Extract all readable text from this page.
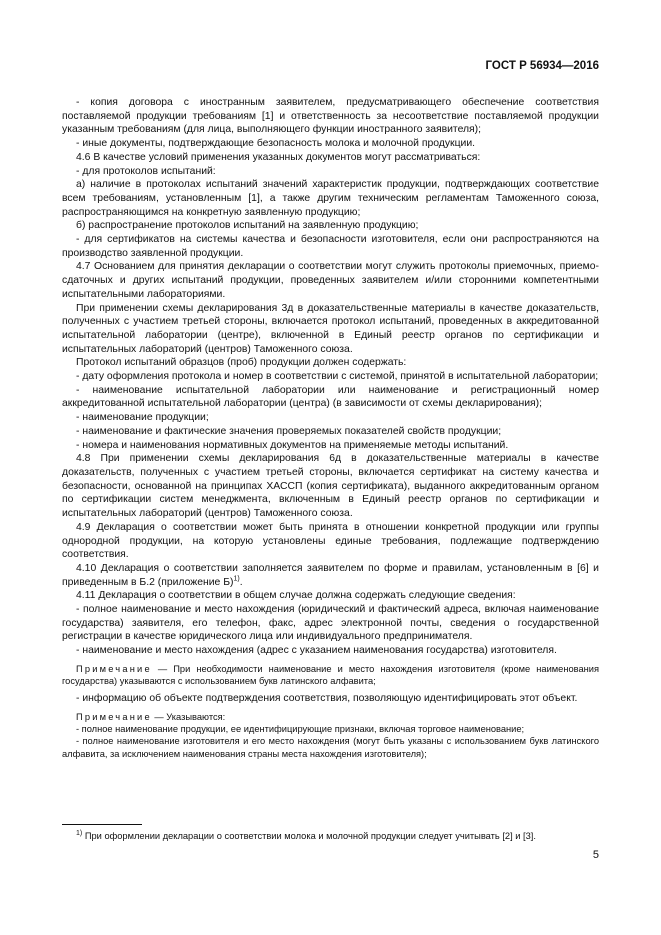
ГОСТ Р 56934—2016

- копия договора с иностранным заявителем, предусматривающего обеспечение соответствия поставляемой продукции требованиям [1] и ответственность за несоответствие поставляемой продукции указанным требованиям (для лица, выполняющего функции иностранного заявителя);

- иные документы, подтверждающие безопасность молока и молочной продукции.

4.6 В качестве условий применения указанных документов могут рассматриваться:

- для протоколов испытаний:

а) наличие в протоколах испытаний значений характеристик продукции, подтверждающих соответствие всем требованиям, установленным [1], а также другим техническим регламентам Таможенного союза, распространяющимся на конкретную заявленную продукцию;

б) распространение протоколов испытаний на заявленную продукцию;

- для сертификатов на системы качества и безопасности изготовителя, если они распространяются на производство заявленной продукции.

4.7 Основанием для принятия декларации о соответствии могут служить протоколы приемочных, приемо-сдаточных и других испытаний продукции, проведенных заявителем и/или сторонними компетентными испытательными лабораториями.

При применении схемы декларирования 3д в доказательственные материалы в качестве доказательств, полученных с участием третьей стороны, включается протокол испытаний, проведенных в аккредитованной испытательной лаборатории (центре), включенной в Единый реестр органов по сертификации и испытательных лабораторий (центров) Таможенного союза.

Протокол испытаний образцов (проб) продукции должен содержать:

- дату оформления протокола и номер в соответствии с системой, принятой в испытательной лаборатории;

- наименование испытательной лаборатории или наименование и регистрационный номер аккредитованной испытательной лаборатории (центра) (в зависимости от схемы декларирования);

- наименование продукции;

- наименование и фактические значения проверяемых показателей свойств продукции;

- номера и наименования нормативных документов на применяемые методы испытаний.

4.8 При применении схемы декларирования 6д в доказательственные материалы в качестве доказательств, полученных с участием третьей стороны, включается сертификат на систему качества и безопасности, основанной на принципах ХАССП (копия сертификата), выданного аккредитованным органом по сертификации систем менеджмента, включенным в Единый реестр органов по сертификации и испытательных лабораторий (центров) Таможенного союза.

4.9 Декларация о соответствии может быть принята в отношении конкретной продукции или группы однородной продукции, на которую установлены единые требования, подлежащие подтверждению соответствия.

4.10 Декларация о соответствии заполняется заявителем по форме и правилам, установленным в [6] и приведенным в Б.2 (приложение Б)$^{1)}$.

4.11 Декларация о соответствии в общем случае должна содержать следующие сведения:

- полное наименование и место нахождения (юридический и фактический адреса, включая наименование государства) заявителя, его телефон, факс, адрес электронной почты, сведения о государственной регистрации в качестве юридического лица или индивидуального предпринимателя.

- наименование и место нахождения (адрес с указанием наименования государства) изготовителя.

Примечание — При необходимости наименование и место нахождения изготовителя (кроме наименования государства) указываются с использованием букв латинского алфавита;

- информацию об объекте подтверждения соответствия, позволяющую идентифицировать этот объект.

Примечание — Указываются:

- полное наименование продукции, ее идентифицирующие признаки, включая торговое наименование;

- полное наименование изготовителя и его место нахождения (могут быть указаны с использованием букв латинского алфавита, за исключением наименования страны места нахождения изготовителя);

$^{1)}$ При оформлении декларации о соответствии молока и молочной продукции следует учитывать [2] и [3].

5
